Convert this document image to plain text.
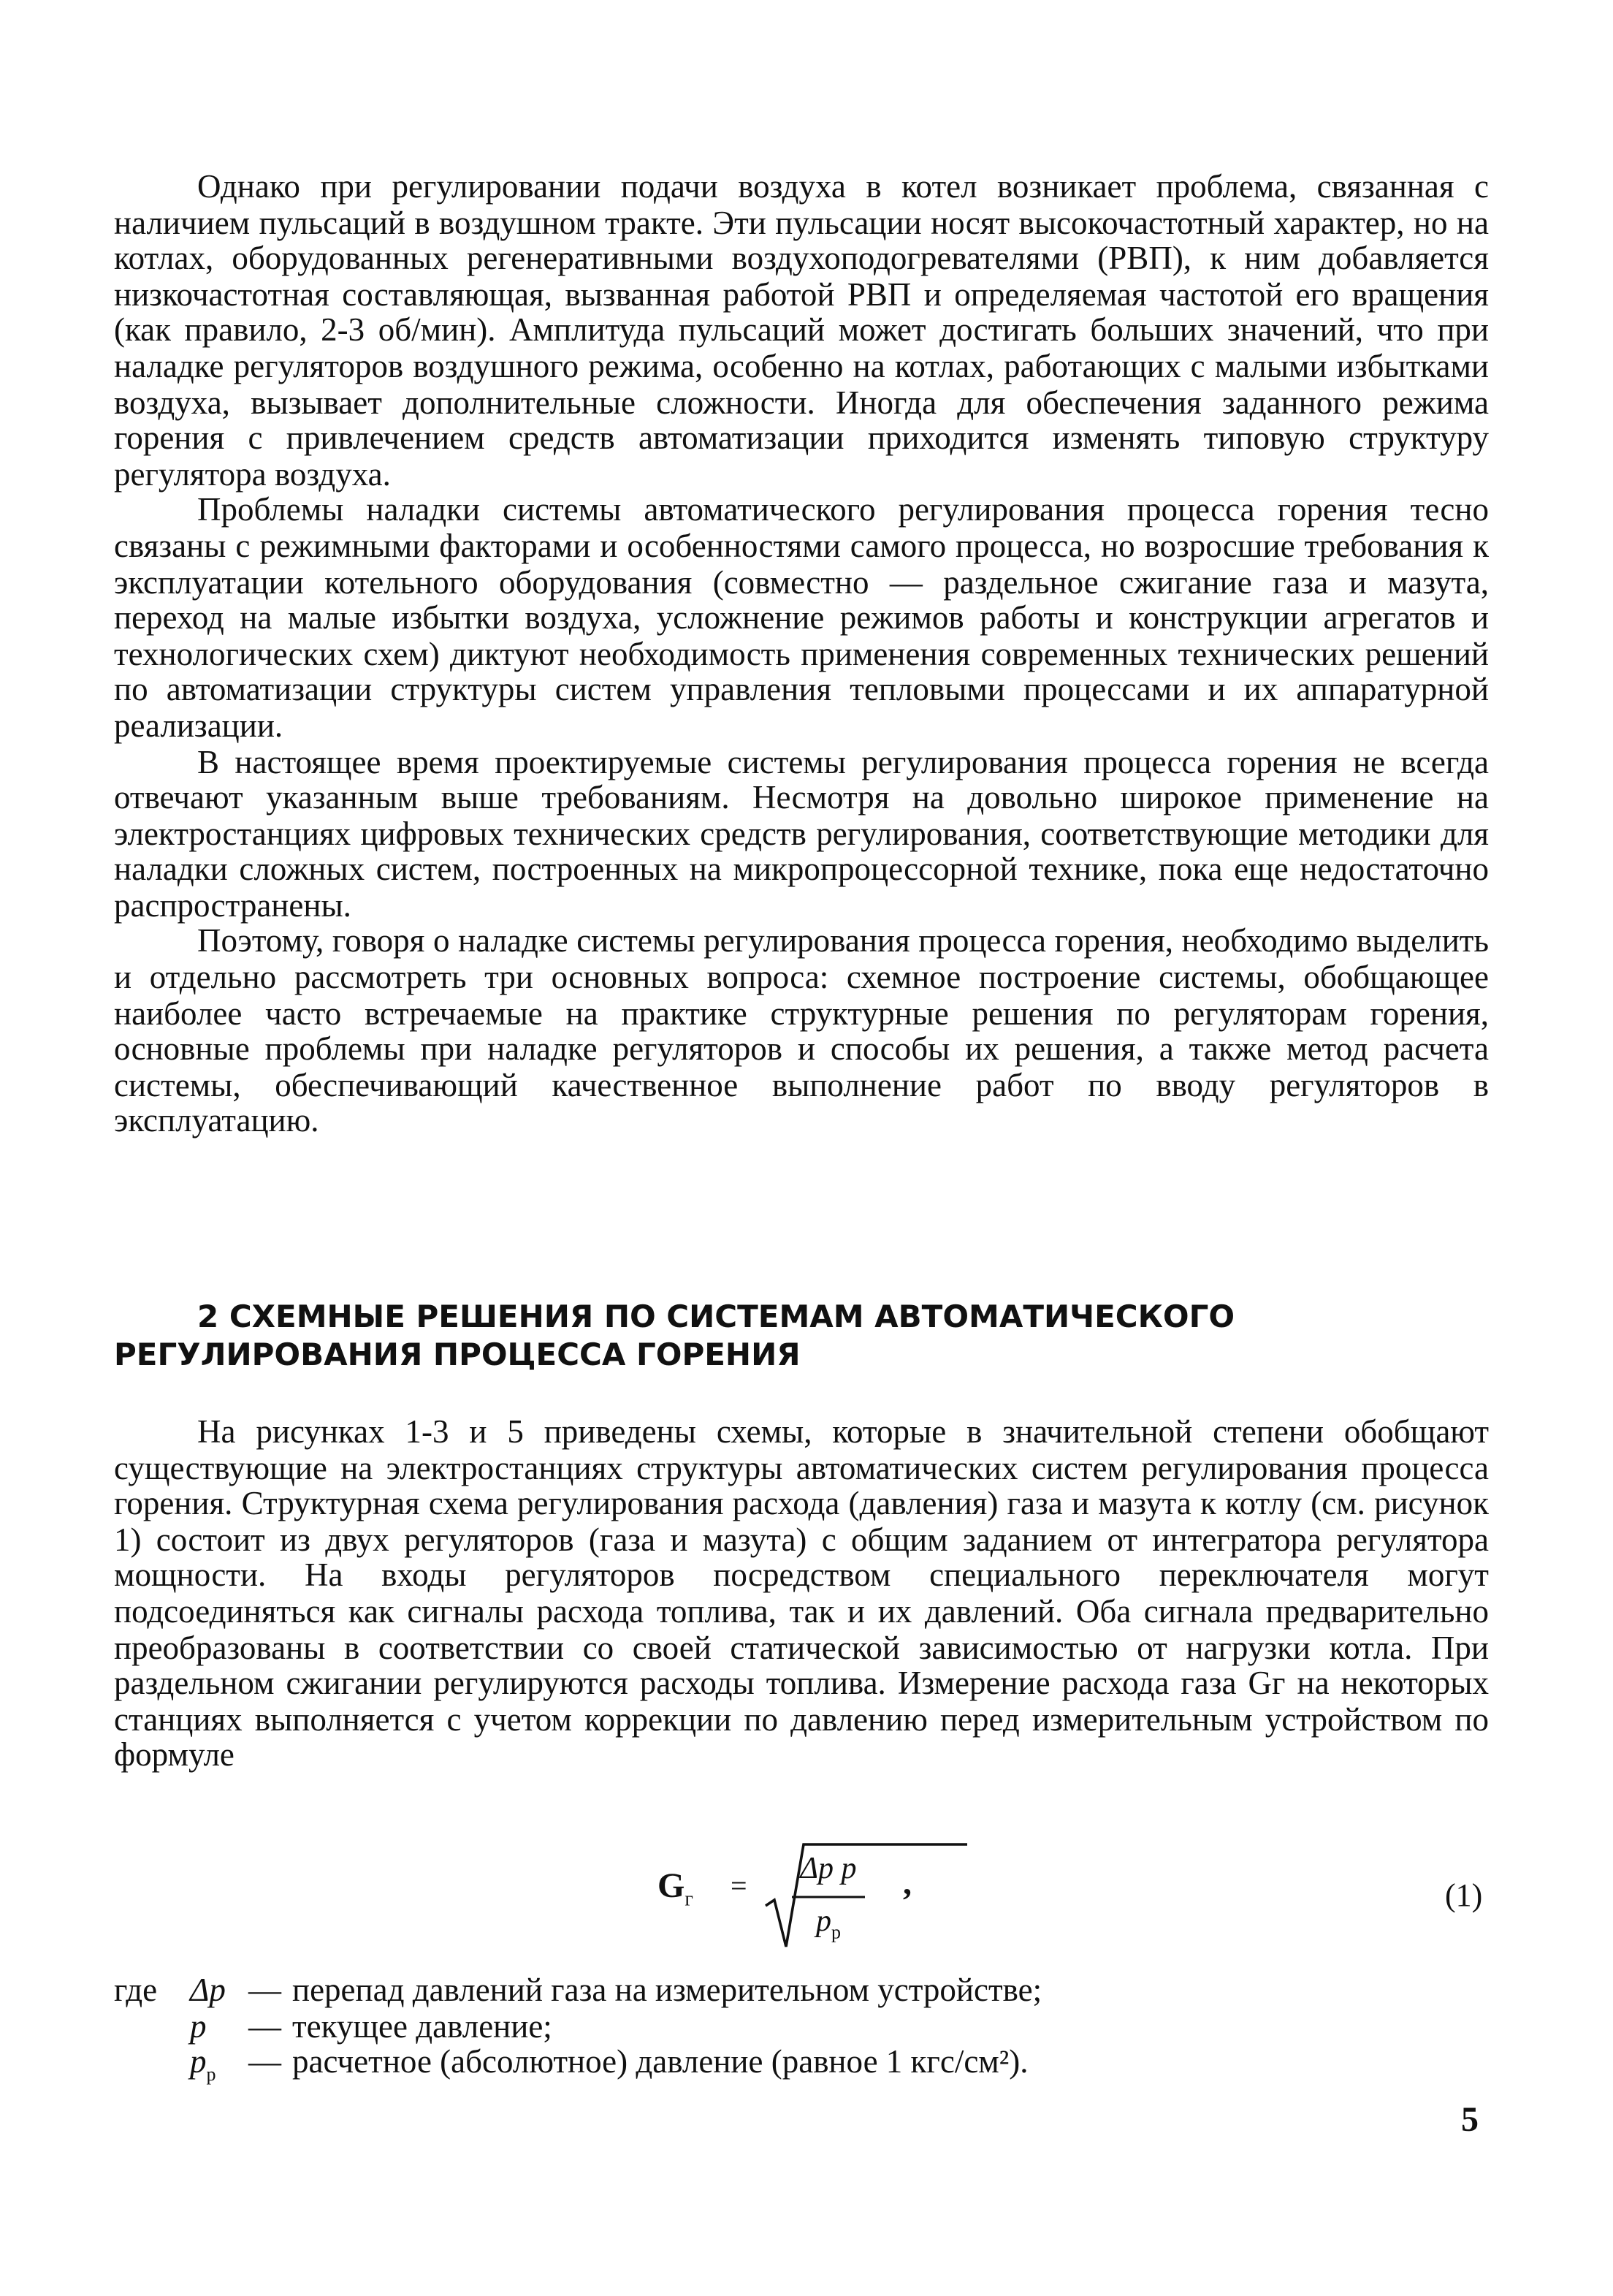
Однако при регулировании подачи воздуха в котел возникает проблема, связанная с наличием пульсаций в воздушном тракте. Эти пульсации носят высокочастотный характер, но на котлах, оборудованных регенеративными воздухоподогревателями (РВП), к ним добавляется низкочастотная составляющая, вызванная работой РВП и определяемая частотой его вращения (как правило, 2-3 об/мин). Амплитуда пульсаций может достигать больших значений, что при наладке регуляторов воздушного режима, особенно на котлах, работающих с малыми избытками воздуха, вызывает дополнительные сложности. Иногда для обеспечения заданного режима горения с привлечением средств автоматизации приходится изменять типовую структуру регулятора воздуха.

Проблемы наладки системы автоматического регулирования процесса горения тесно связаны с режимными факторами и особенностями самого процесса, но возросшие требования к эксплуатации котельного оборудования (совместно — раздельное сжигание газа и мазута, переход на малые избытки воздуха, усложнение режимов работы и конструкции агрегатов и технологических схем) диктуют необходимость применения современных технических решений по автоматизации структуры систем управления тепловыми процессами и их аппаратурной реализации.

В настоящее время проектируемые системы регулирования процесса горения не всегда отвечают указанным выше требованиям. Несмотря на довольно широкое применение на электростанциях цифровых технических средств регулирования, соответствующие методики для наладки сложных систем, построенных на микропроцессорной технике, пока еще недостаточно распространены.

Поэтому, говоря о наладке системы регулирования процесса горения, необходимо выделить и отдельно рассмотреть три основных вопроса: схемное построение системы, обобщающее наиболее часто встречаемые на практике структурные решения по регуляторам горения, основные проблемы при наладке регуляторов и способы их решения, а также метод расчета системы, обеспечивающий качественное выполнение работ по вводу регуляторов в эксплуатацию.

2 СХЕМНЫЕ РЕШЕНИЯ ПО СИСТЕМАМ АВТОМАТИЧЕСКОГО
РЕГУЛИРОВАНИЯ ПРОЦЕССА ГОРЕНИЯ

На рисунках 1-3 и 5 приведены схемы, которые в значительной степени обобщают существующие на электростанциях структуры автоматических систем регулирования процесса горения. Структурная схема регулирования расхода (давления) газа и мазута к котлу (см. рисунок 1) состоит из двух регуляторов (газа и мазута) с общим заданием от интегратора регулятора мощности. На входы регуляторов посредством специального переключателя могут подсоединяться как сигналы расхода топлива, так и их давлений. Оба сигнала предварительно преобразованы в соответствии со своей статической зависимостью от нагрузки котла. При раздельном сжигании регулируются расходы топлива. Измерение расхода газа Gг на некоторых станциях выполняется с учетом коррекции по давлению перед измерительным устройством по формуле

$G_г$	=
Δp p
$p_р$
,	(1)
где	Δp	— перепад давлений газа на измерительном устройстве;
p	— текущее давление;
$p_р$	— расчетное (абсолютное) давление (равное 1 кгс/см²).
5
